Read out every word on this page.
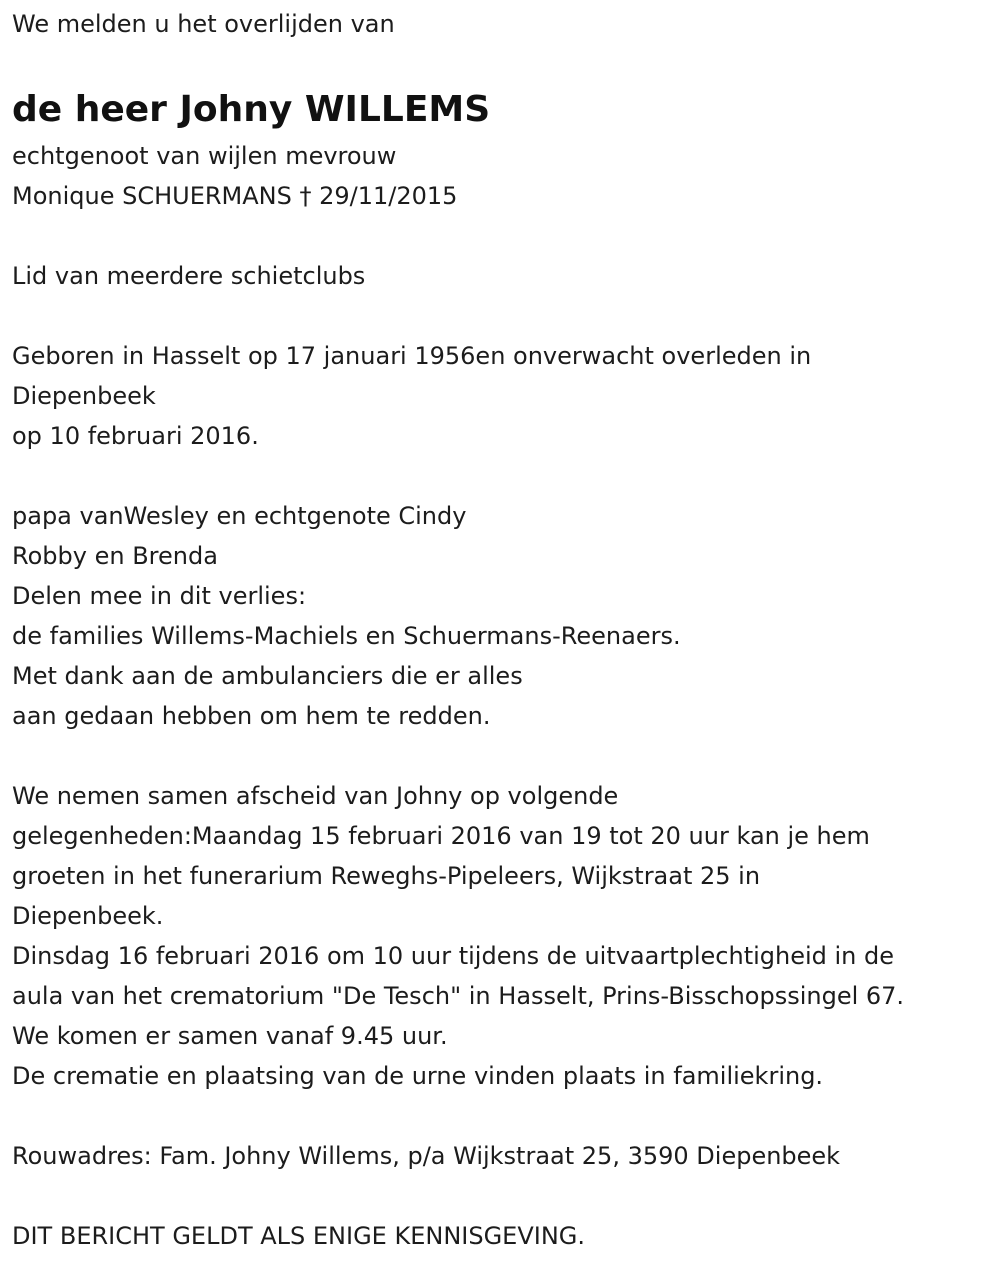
We melden u het overlijden van

de heer Johny WILLEMS

echtgenoot van wijlen mevrouw

Monique SCHUERMANS † 29/11/2015

Lid van meerdere schietclubs

Geboren in Hasselt op 17 januari 1956en onverwacht overleden in

Diepenbeek

op 10 februari 2016.

papa vanWesley en echtgenote Cindy

Robby en Brenda

Delen mee in dit verlies:

de families Willems-Machiels en Schuermans-Reenaers.

Met dank aan de ambulanciers die er alles

aan gedaan hebben om hem te redden.

We nemen samen afscheid van Johny op volgende

gelegenheden:Maandag 15 februari 2016 van 19 tot 20 uur kan je hem

groeten in het funerarium Reweghs-Pipeleers, Wijkstraat 25 in

Diepenbeek.

Dinsdag 16 februari 2016 om 10 uur tijdens de uitvaartplechtigheid in de

aula van het crematorium "De Tesch" in Hasselt, Prins-Bisschopssingel 67.

We komen er samen vanaf 9.45 uur.

De crematie en plaatsing van de urne vinden plaats in familiekring.

Rouwadres: Fam. Johny Willems, p/a Wijkstraat 25, 3590 Diepenbeek

DIT BERICHT GELDT ALS ENIGE KENNISGEVING.
